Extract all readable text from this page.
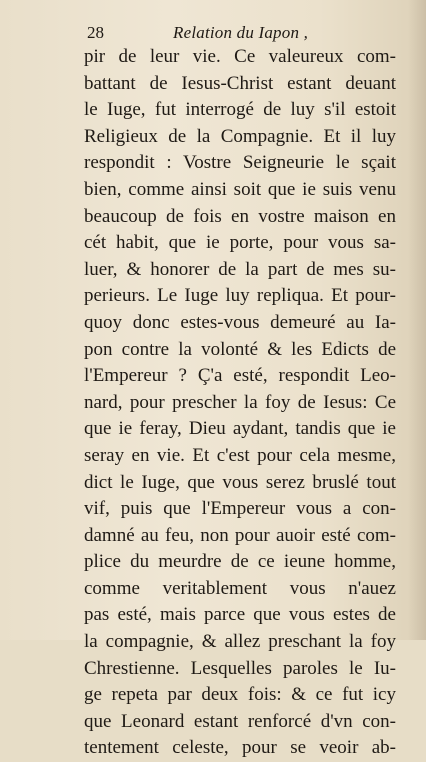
28	Relation du Iapon ,
pir de leur vie. Ce valeureux com-
battant de Iesus-Christ estant deuant
le Iuge, fut interrogé de luy s'il estoit
Religieux de la Compagnie. Et il luy
respondit : Vostre Seigneurie le sçait
bien, comme ainsi soit que ie suis venu
beaucoup de fois en vostre maison en
cét habit, que ie porte, pour vous sa-
luer, & honorer de la part de mes su-
perieurs. Le Iuge luy repliqua. Et pour-
quoy donc estes-vous demeuré au Ia-
pon contre la volonté & les Edicts de
l'Empereur ? Ç'a esté, respondit Leo-
nard, pour prescher la foy de Iesus: Ce
que ie feray, Dieu aydant, tandis que ie
seray en vie. Et c'est pour cela mesme,
dict le Iuge, que vous serez bruslé tout
vif, puis que l'Empereur vous a con-
damné au feu, non pour auoir esté com-
plice du meurdre de ce ieune homme,
comme veritablement vous n'auez
pas esté, mais parce que vous estes de
la compagnie, & allez preschant la foy
Chrestienne. Lesquelles paroles le Iu-
ge repeta par deux fois: & ce fut icy
que Leonard estant renforcé d'vn con-
tentement celeste, pour se veoir ab-
